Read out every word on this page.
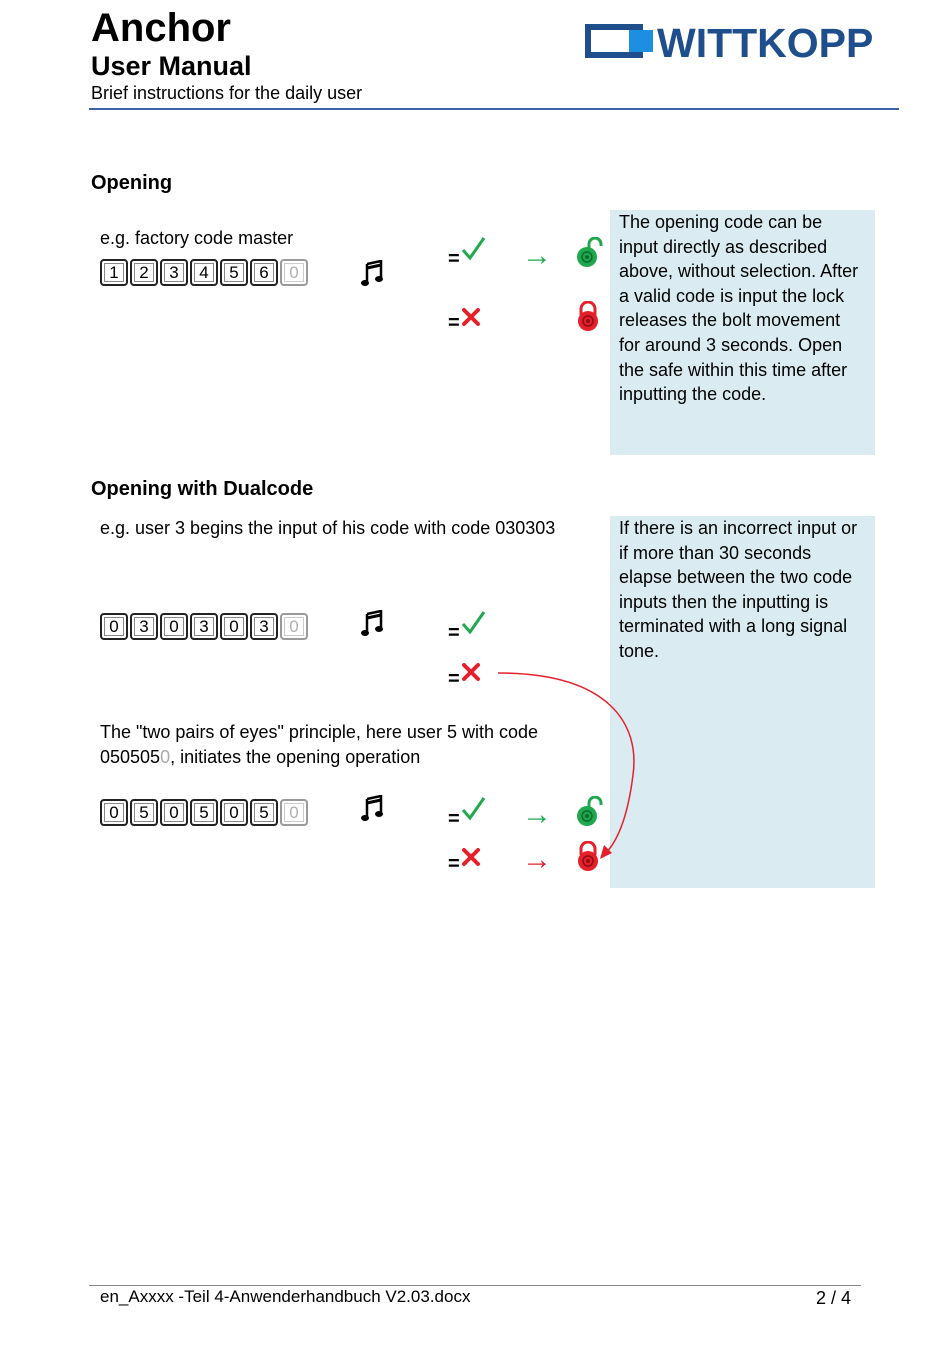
Anchor
User Manual
Brief instructions for the daily user
WITTKOPP
Opening
e.g. factory code master
1	2	3	4	5	6	0
= →
=
The opening code can be input directly as described above, without selection. After a valid code is input the lock releases the bolt movement for around 3 seconds. Open the safe within this time after inputting the code.
Opening with Dualcode
e.g. user 3 begins the input of his code with code 030303
0	3	0	3	0	3	0	=
=
The "two pairs of eyes" principle, here user 5 with code
0505050, initiates the opening operation
0	5	0	5	0	5	0	= →
= →
If there is an incorrect input or if more than 30 seconds elapse between the two code inputs then the inputting is terminated with a long signal tone.
en_Axxxx -Teil 4-Anwenderhandbuch V2.03.docx	2 / 4
